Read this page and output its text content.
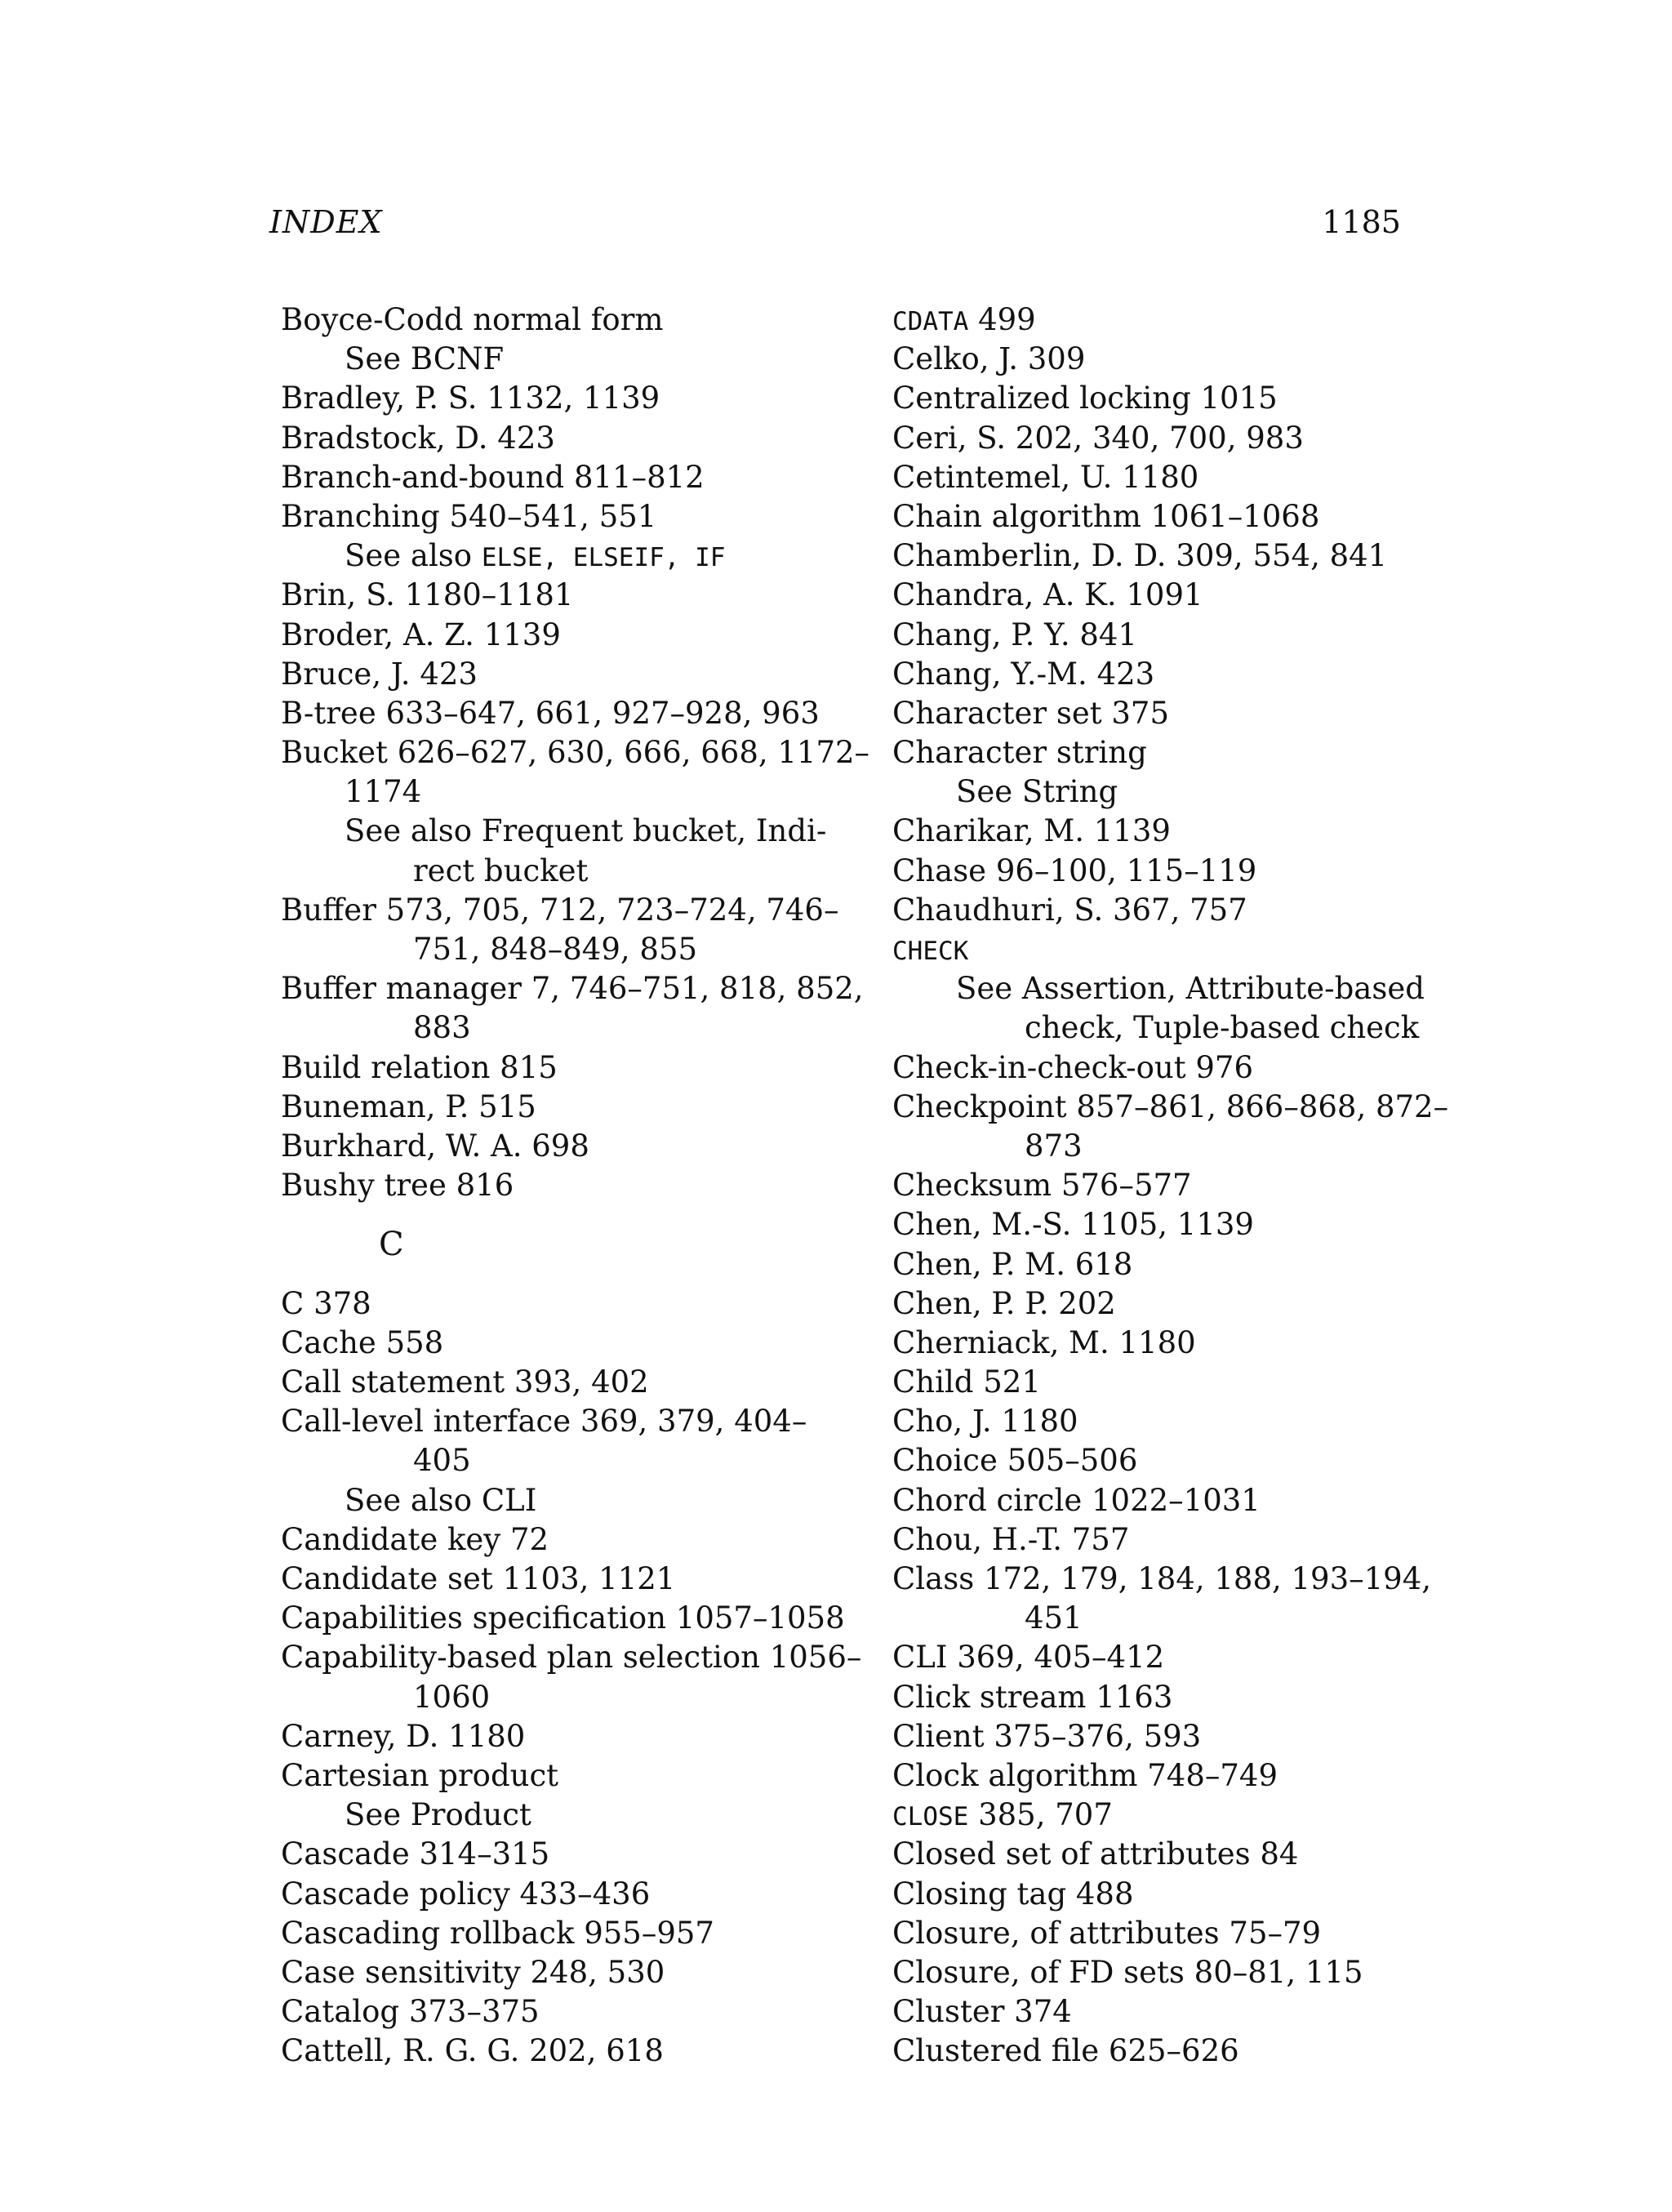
INDEX	1185
Boyce-Codd normal form
See BCNF
Bradley, P. S. 1132, 1139
Bradstock, D. 423
Branch-and-bound 811–812
Branching 540–541, 551
See also ELSE, ELSEIF, IF
Brin, S. 1180–1181
Broder, A. Z. 1139
Bruce, J. 423
B-tree 633–647, 661, 927–928, 963
Bucket 626–627, 630, 666, 668, 1172–
1174
See also Frequent bucket, Indi-
rect bucket
Buffer 573, 705, 712, 723–724, 746–
751, 848–849, 855
Buffer manager 7, 746–751, 818, 852,
883
Build relation 815
Buneman, P. 515
Burkhard, W. A. 698
Bushy tree 816
C
C 378
Cache 558
Call statement 393, 402
Call-level interface 369, 379, 404–
405
See also CLI
Candidate key 72
Candidate set 1103, 1121
Capabilities specification 1057–1058
Capability-based plan selection 1056–
1060
Carney, D. 1180
Cartesian product
See Product
Cascade 314–315
Cascade policy 433–436
Cascading rollback 955–957
Case sensitivity 248, 530
Catalog 373–375
Cattell, R. G. G. 202, 618
CDATA 499
Celko, J. 309
Centralized locking 1015
Ceri, S. 202, 340, 700, 983
Cetintemel, U. 1180
Chain algorithm 1061–1068
Chamberlin, D. D. 309, 554, 841
Chandra, A. K. 1091
Chang, P. Y. 841
Chang, Y.-M. 423
Character set 375
Character string
See String
Charikar, M. 1139
Chase 96–100, 115–119
Chaudhuri, S. 367, 757
CHECK
See Assertion, Attribute-based
check, Tuple-based check
Check-in-check-out 976
Checkpoint 857–861, 866–868, 872–
873
Checksum 576–577
Chen, M.-S. 1105, 1139
Chen, P. M. 618
Chen, P. P. 202
Cherniack, M. 1180
Child 521
Cho, J. 1180
Choice 505–506
Chord circle 1022–1031
Chou, H.-T. 757
Class 172, 179, 184, 188, 193–194,
451
CLI 369, 405–412
Click stream 1163
Client 375–376, 593
Clock algorithm 748–749
CLOSE 385, 707
Closed set of attributes 84
Closing tag 488
Closure, of attributes 75–79
Closure, of FD sets 80–81, 115
Cluster 374
Clustered file 625–626
